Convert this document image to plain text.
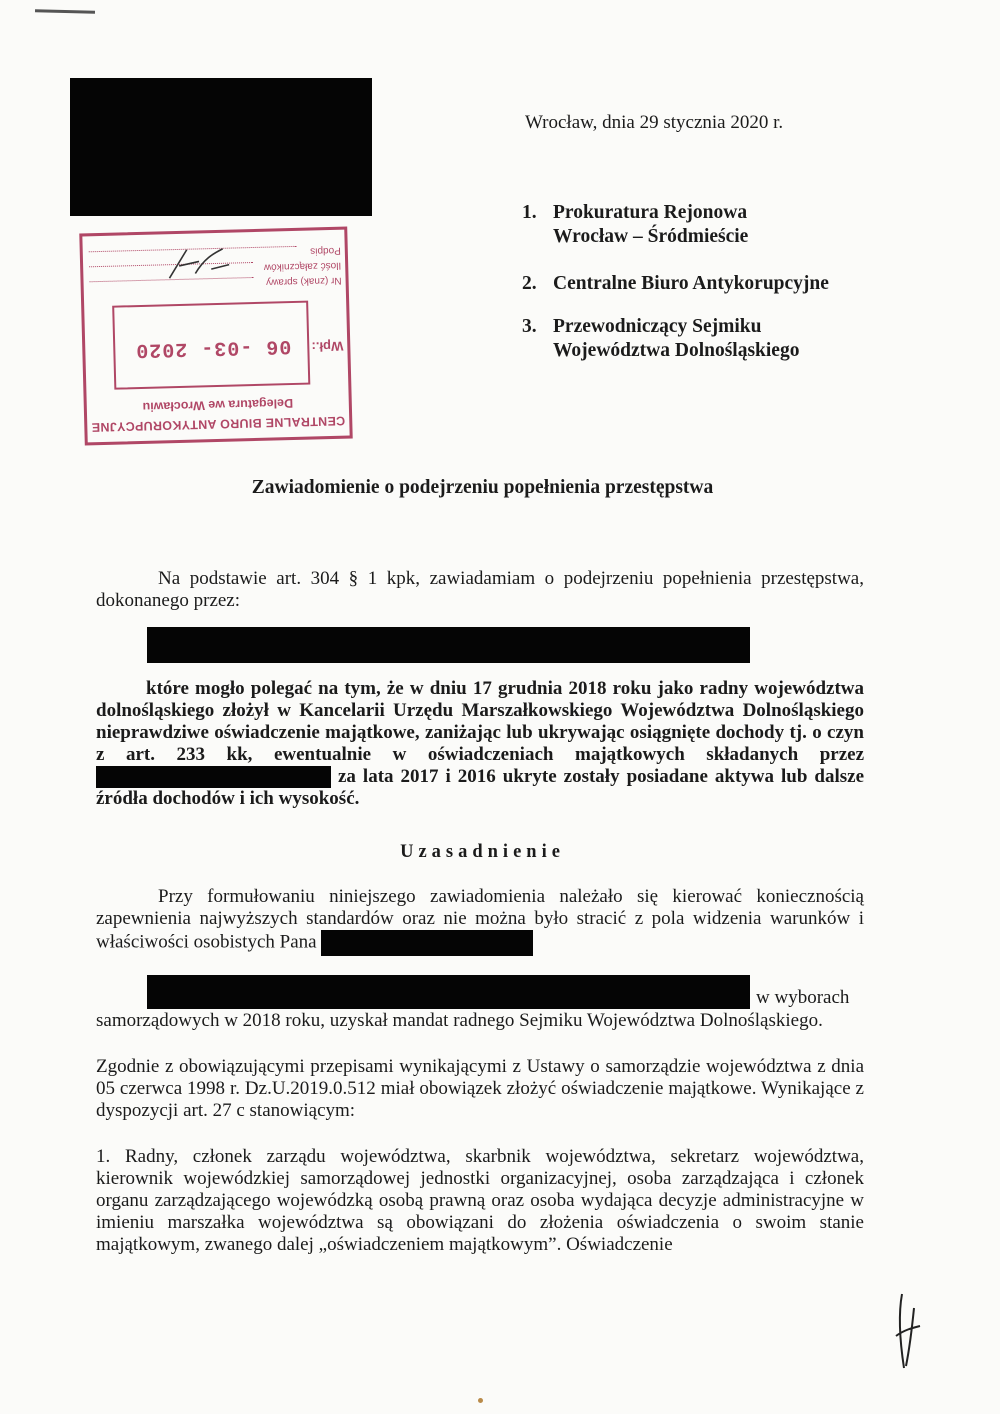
Wrocław, dnia 29 stycznia 2020 r.
1. Prokuratura Rejonowa
Wrocław – Śródmieście
2. Centralne Biuro Antykorupcyjne
3. Przewodniczący Sejmiku
Województwa Dolnośląskiego
CENTRALNE BIURO ANTYKORUPCYJNE
Delegatura we Wrocławiu
Wpł.:
06 -03- 2020
Nr (znak) sprawy
Ilość załączników
Podpis
Zawiadomienie o podejrzeniu popełnienia przestępstwa
Na podstawie art. 304 § 1 kpk, zawiadamiam o podejrzeniu popełnienia przestępstwa, dokonanego przez:
które mogło polegać na tym, że w dniu 17 grudnia 2018 roku jako radny województwa dolnośląskiego złożył w Kancelarii Urzędu Marszałkowskiego Województwa Dolnośląskiego nieprawdziwe oświadczenie majątkowe, zaniżając lub ukrywając osiągnięte dochody tj. o czyn z art. 233 kk, ewentualnie w oświadczeniach majątkowych składanych przez  za lata 2017 i 2016 ukryte zostały posiadane aktywa lub dalsze źródła dochodów i ich wysokość.
Uzasadnienie
Przy formułowaniu niniejszego zawiadomienia należało się kierować koniecznością zapewnienia najwyższych standardów oraz nie można było stracić z pola widzenia warunków i właściwości osobistych Pana
w wyborach
samorządowych w 2018 roku, uzyskał mandat radnego Sejmiku Województwa Dolnośląskiego.
Zgodnie z obowiązującymi przepisami wynikającymi z Ustawy o samorządzie województwa z dnia 05 czerwca 1998 r. Dz.U.2019.0.512 miał obowiązek złożyć oświadczenie majątkowe. Wynikające z dyspozycji art. 27 c stanowiącym:
1. Radny, członek zarządu województwa, skarbnik województwa, sekretarz województwa, kierownik wojewódzkiej samorządowej jednostki organizacyjnej, osoba zarządzająca i członek organu zarządzającego wojewódzką osobą prawną oraz osoba wydająca decyzje administracyjne w imieniu marszałka województwa są obowiązani do złożenia oświadczenia o swoim stanie majątkowym, zwanego dalej „oświadczeniem majątkowym”. Oświadczenie
